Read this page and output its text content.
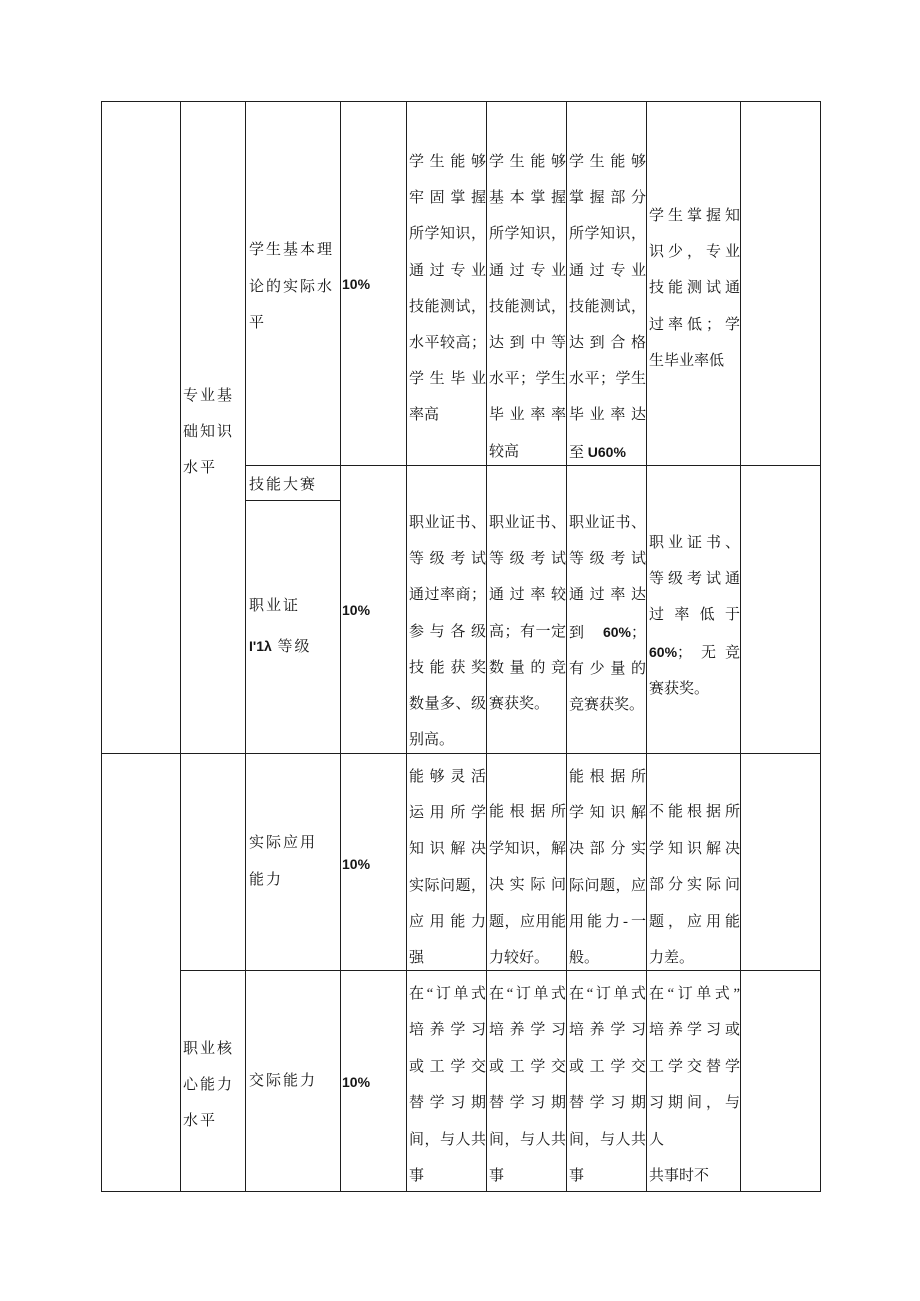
专业基
础知识
水平
职业核
心能力
水平
学生基本理
论的实际水
平
10%
学生能够
牢固掌握
所学知识，
通过专业
技能测试，
水平较高；
学生毕业
率高
学生能够
基本掌握
所学知识，
通过专业
技能测试，
达到中等
水平；学生
毕业率率
较高
学生能够
掌握部分
所学知识，
通过专业
技能测试，
达到合格
水平；学生
毕业率达
至 U60%
学生掌握知
识少，专业
技能测试通
过率低；学
生毕业率低
技能大赛
职业证
I'1λ 等级
10%
职业证书、
等级考试
通过率商；
参与各级
技能获奖
数量多、级
别高。
职业证书、
等级考试
通过率较
高；有一定
数量的竞
赛获奖。
职业证书、
等级考试
通过率达
到 60%；
有少量的
竞赛获奖。
职业证书、
等级考试通
过率低于
60%；无竞
赛获奖。
实际应用
能力
10%
能够灵活
运用所学
知识解决
实际问题，
应用能力
强
能根据所
学知识，解
决实际问
题，应用能
力较好。
能根据所
学知识解
决部分实
际问题，应
用能力-一
般。
不能根据所
学知识解决
部分实际问
题，应用能
力差。
交际能力	10%
在“订单式
培养学习
或工学交
替学习期
间，与人共
事
在“订单式
培养学习
或工学交
替学习期
间，与人共
事
在“订单式
培养学习
或工学交
替学习期
间，与人共
事
在“订单式”
培养学习或
工学交替学
习期间，与
人
共事时不
